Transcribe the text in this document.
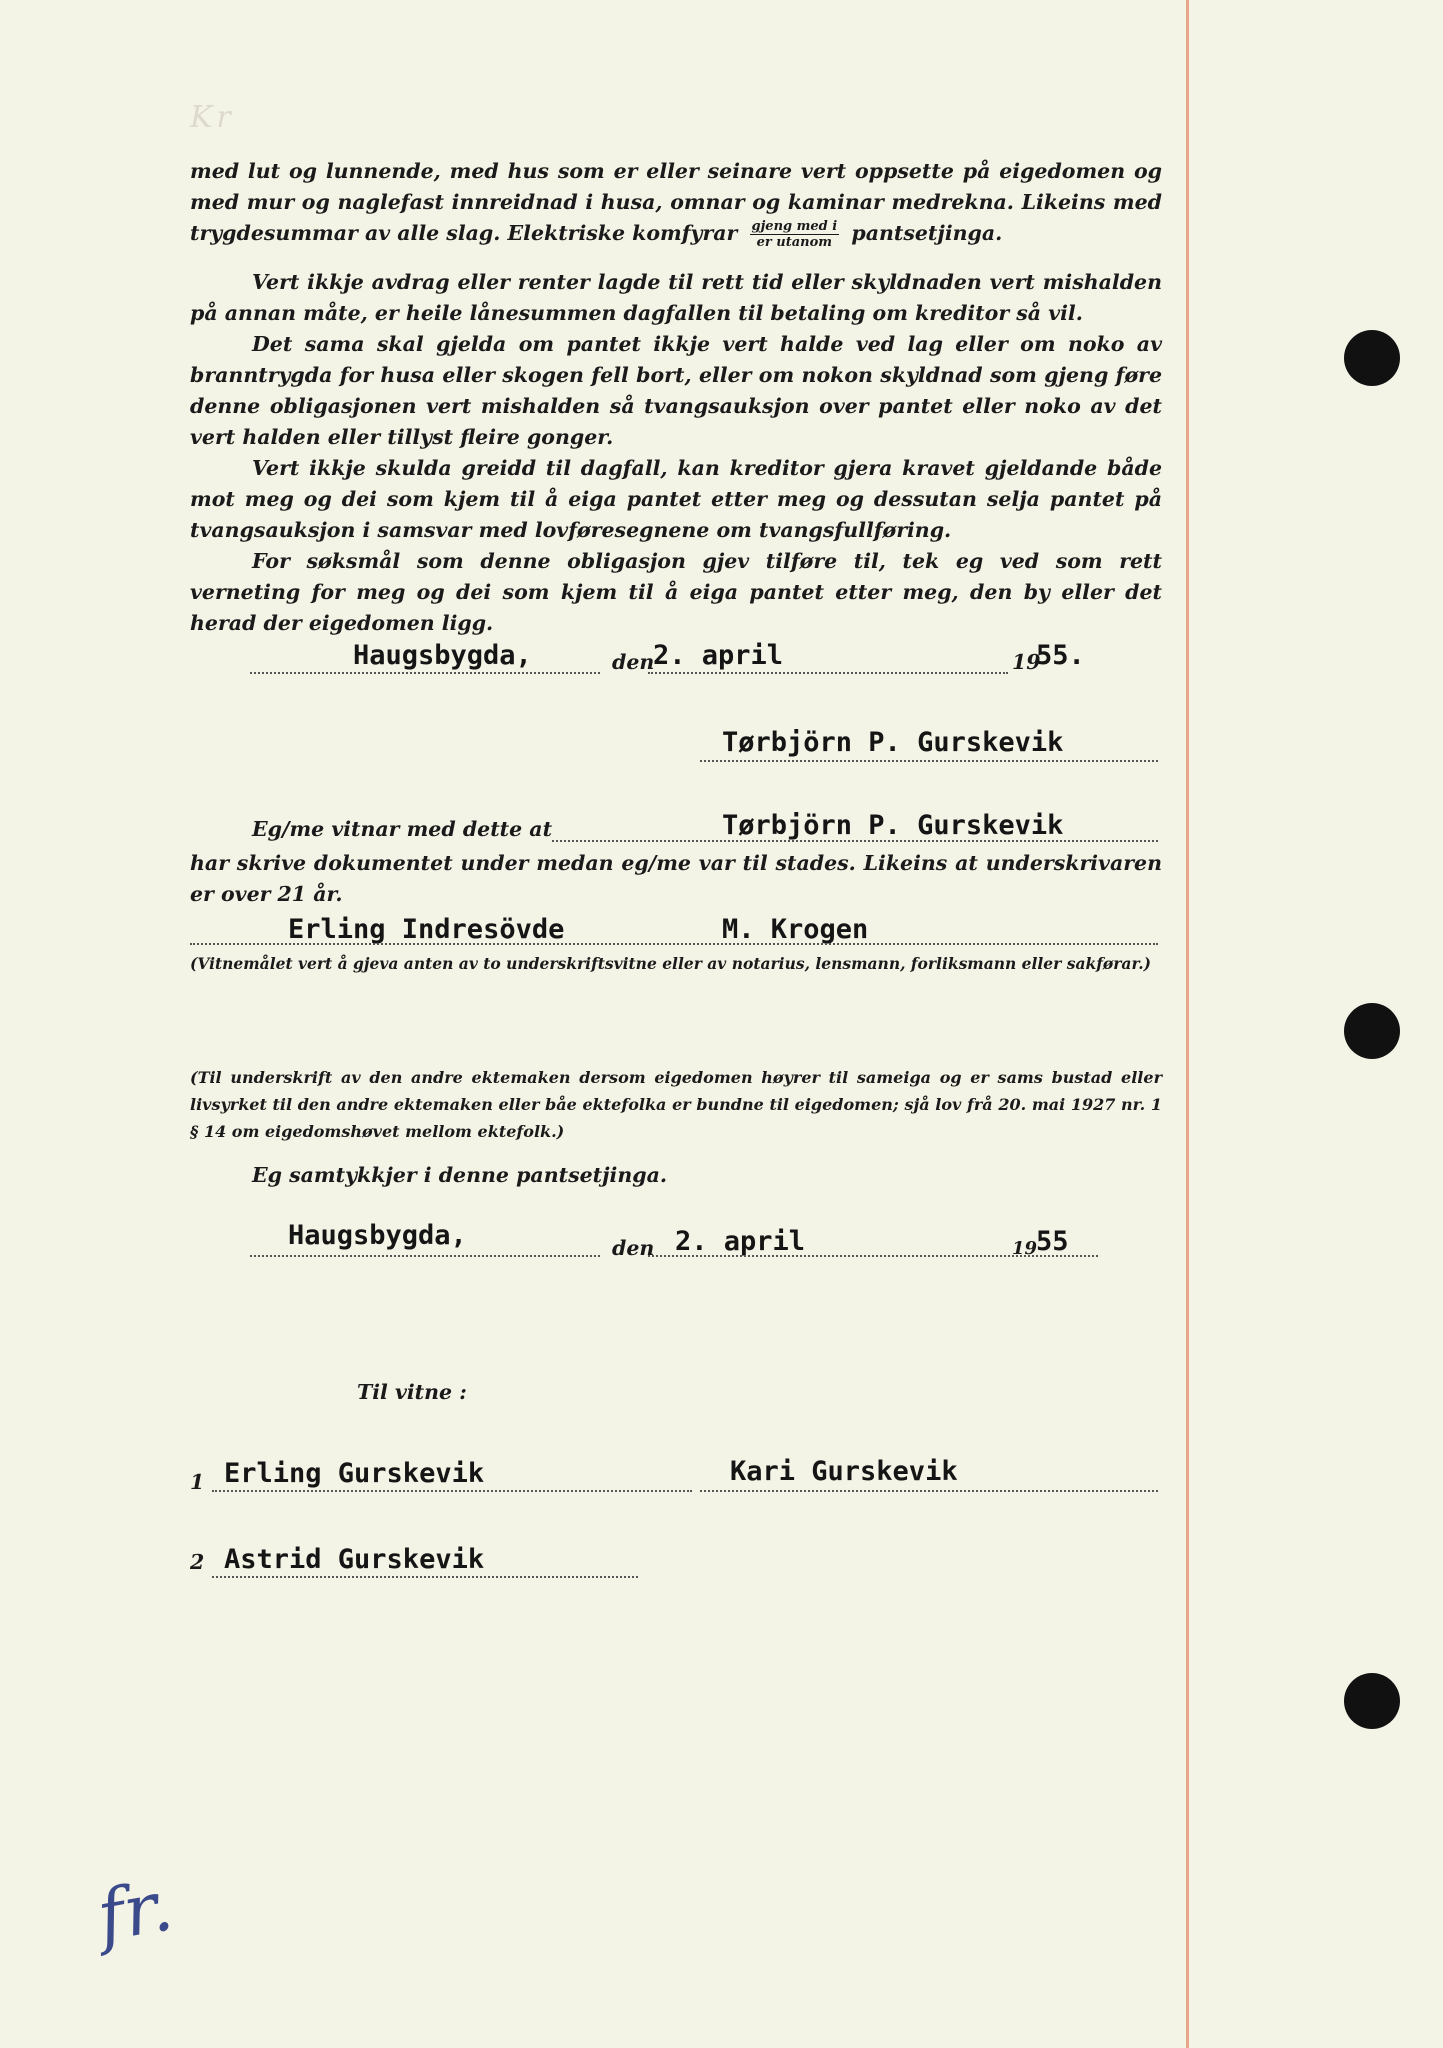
Kr

med lut og lunnende, med hus som er eller seinare vert oppsette på eigedomen og med mur og naglefast innreidnad i husa, omnar og kaminar medrekna. Likeins med trygdesummar av alle slag. Elektriske komfyrar $\frac{\text{gjeng med i}}{\text{er utanom}}$ pantsetjinga.

Vert ikkje avdrag eller renter lagde til rett tid eller skyldnaden vert mishalden på annan måte, er heile lånesummen dagfallen til betaling om kreditor så vil.

Det sama skal gjelda om pantet ikkje vert halde ved lag eller om noko av branntrygda for husa eller skogen fell bort, eller om nokon skyldnad som gjeng føre denne obligasjonen vert mishalden så tvangsauksjon over pantet eller noko av det vert halden eller tillyst fleire gonger.

Vert ikkje skulda greidd til dagfall, kan kreditor gjera kravet gjeldande både mot meg og dei som kjem til å eiga pantet etter meg og dessutan selja pantet på tvangsauksjon i samsvar med lovføresegnene om tvangsfullføring.

For søksmål som denne obligasjon gjev tilføre til, tek eg ved som rett verneting for meg og dei som kjem til å eiga pantet etter meg, den by eller det herad der eigedomen ligg.

Haugsbygda,	den
2. april	19
55.
Tørbjörn P. Gurskevik
Eg/me vitnar med dette at	Tørbjörn P. Gurskevik

har skrive dokumentet under medan eg/me var til stades. Likeins at underskrivaren er over 21 år.

Erling Indresövde	M. Krogen

(Vitnemålet vert å gjeva anten av to underskriftsvitne eller av notarius, lensmann, forliksmann eller sakførar.)

(Til underskrift av den andre ektemaken dersom eigedomen høyrer til sameiga og er sams bustad eller livsyrket til den andre ektemaken eller båe ektefolka er bundne til eigedomen; sjå lov frå 20. mai 1927 nr. 1 § 14 om eigedomshøvet mellom ektefolk.)

Eg samtykkjer i denne pantsetjinga.
Haugsbygda,	den 2. april	19
55
Til vitne :
1 Erling Gurskevik	Kari Gurskevik
2 Astrid Gurskevik
fr.
